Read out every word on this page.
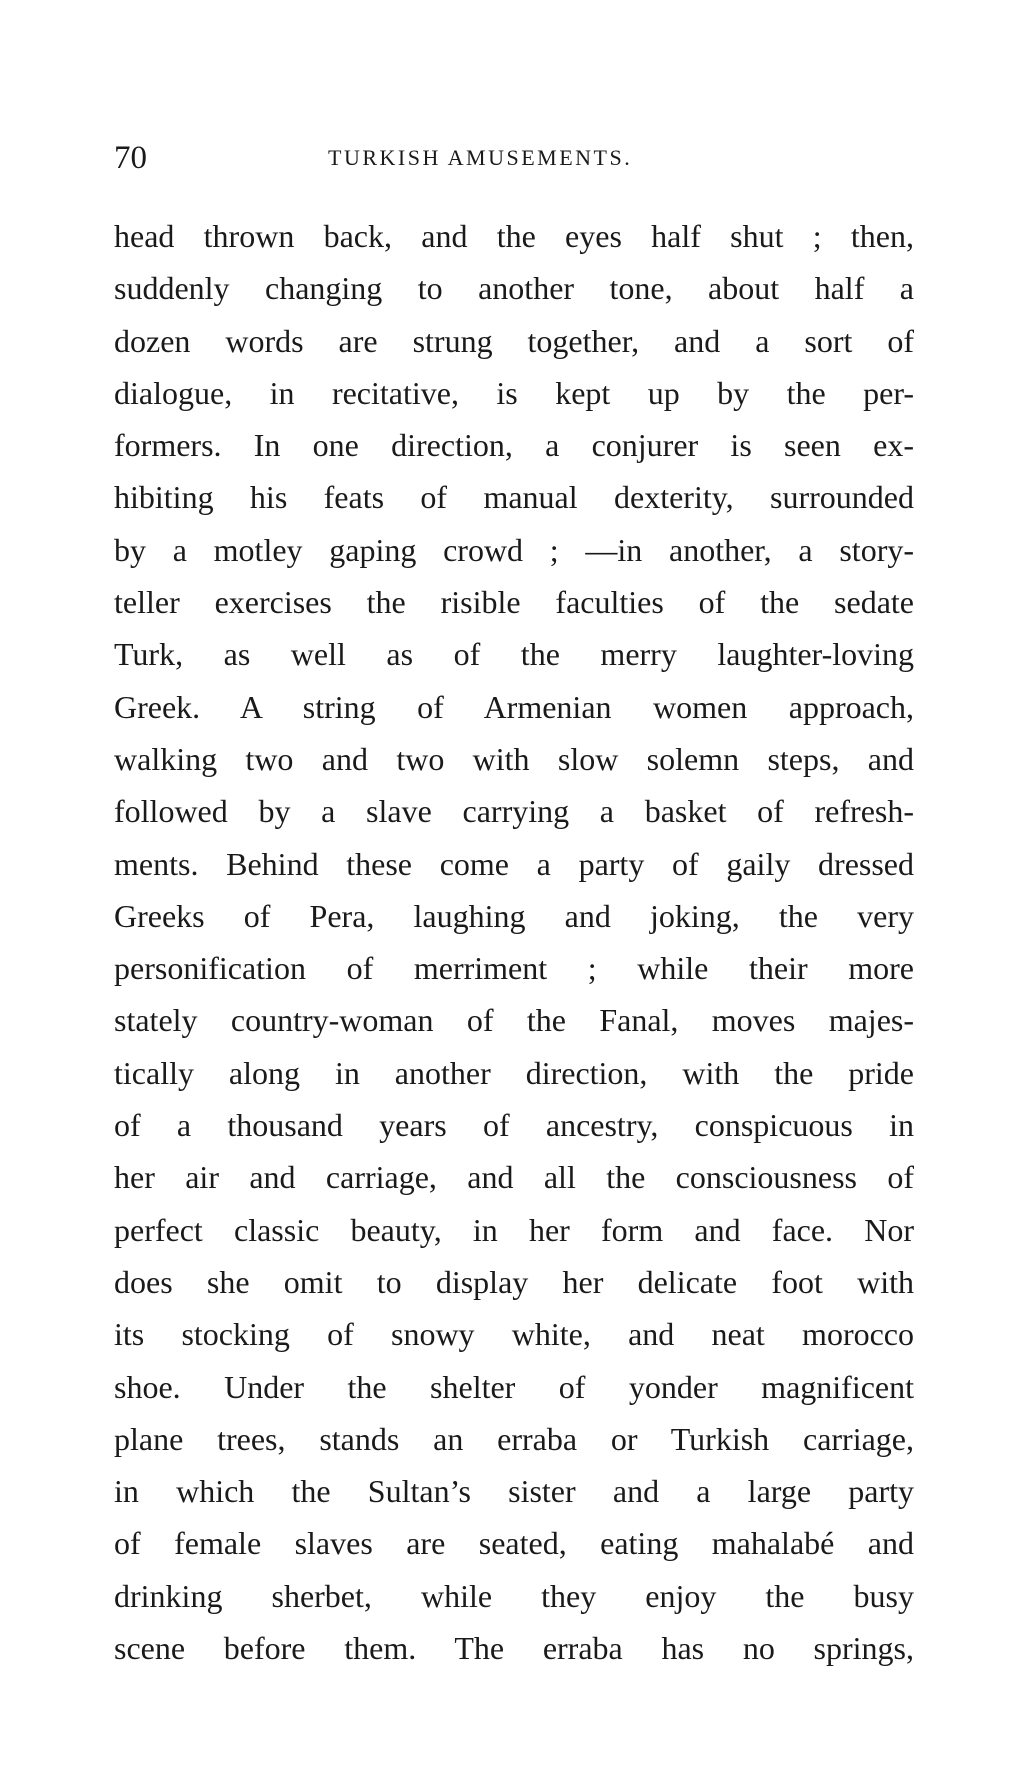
70	TURKISH AMUSEMENTS.
head thrown back, and the eyes half shut ; then,
suddenly changing to another tone, about half a
dozen words are strung together, and a sort of
dialogue, in recitative, is kept up by the per-
formers. In one direction, a conjurer is seen ex-
hibiting his feats of manual dexterity, surrounded
by a motley gaping crowd ; —in another, a story-
teller exercises the risible faculties of the sedate
Turk, as well as of the merry laughter-loving
Greek. A string of Armenian women approach,
walking two and two with slow solemn steps, and
followed by a slave carrying a basket of refresh-
ments. Behind these come a party of gaily dressed
Greeks of Pera, laughing and joking, the very
personification of merriment ; while their more
stately country-woman of the Fanal, moves majes-
tically along in another direction, with the pride
of a thousand years of ancestry, conspicuous in
her air and carriage, and all the consciousness of
perfect classic beauty, in her form and face. Nor
does she omit to display her delicate foot with
its stocking of snowy white, and neat morocco
shoe. Under the shelter of yonder magnificent
plane trees, stands an erraba or Turkish carriage,
in which the Sultan’s sister and a large party
of female slaves are seated, eating mahalabé and
drinking sherbet, while they enjoy the busy
scene before them. The erraba has no springs,
